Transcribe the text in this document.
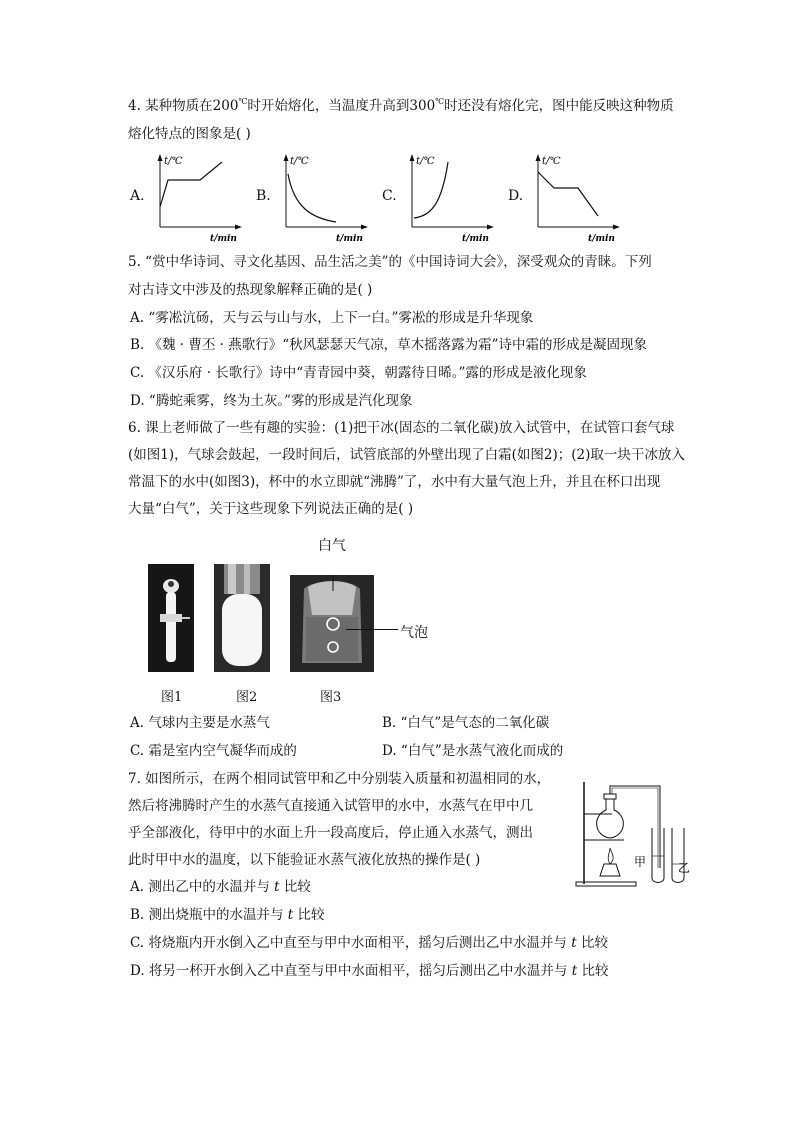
4. 某种物质在200℃时开始熔化，当温度升高到300℃时还没有熔化完，图中能反映这种物质
熔化特点的图象是( )
A.
t/℃
t/min
B.
t/℃
t/min
C.
t/℃
t/min
D.
t/℃
t/min
5. “赏中华诗词、寻文化基因、品生活之美”的《中国诗词大会》，深受观众的青睐。下列
对古诗文中涉及的热现象解释正确的是( )
A. “雾凇沆砀，天与云与山与水，上下一白。”雾凇的形成是升华现象
B. 《魏 · 曹丕 · 燕歌行》“秋风瑟瑟天气凉，草木摇落露为霜”诗中霜的形成是凝固现象
C. 《汉乐府 · 长歌行》诗中“青青园中葵，朝露待日晞。”露的形成是液化现象
D. “腾蛇乘雾，终为土灰。”雾的形成是汽化现象
6. 课上老师做了一些有趣的实验：(1)把干冰(固态的二氧化碳)放入试管中，在试管口套气球
(如图1)，气球会鼓起，一段时间后，试管底部的外壁出现了白霜(如图2)；(2)取一块干冰放入
常温下的水中(如图3)，杯中的水立即就“沸腾”了，水中有大量气泡上升，并且在杯口出现
大量“白气”，关于这些现象下列说法正确的是( )
白气
气泡
图1	图2	图3
A. 气球内主要是水蒸气	B. “白气”是气态的二氧化碳
C. 霜是室内空气凝华而成的	D. “白气”是水蒸气液化而成的
7. 如图所示，在两个相同试管甲和乙中分别装入质量和初温相同的水，
然后将沸腾时产生的水蒸气直接通入试管甲的水中，水蒸气在甲中几
乎全部液化，待甲中的水面上升一段高度后，停止通入水蒸气，测出
此时甲中水的温度，以下能验证水蒸气液化放热的操作是( )	甲	乙
A. 测出乙中的水温并与 t 比较
B. 测出烧瓶中的水温并与 t 比较
C. 将烧瓶内开水倒入乙中直至与甲中水面相平，摇匀后测出乙中水温并与 t 比较
D. 将另一杯开水倒入乙中直至与甲中水面相平，摇匀后测出乙中水温并与 t 比较
